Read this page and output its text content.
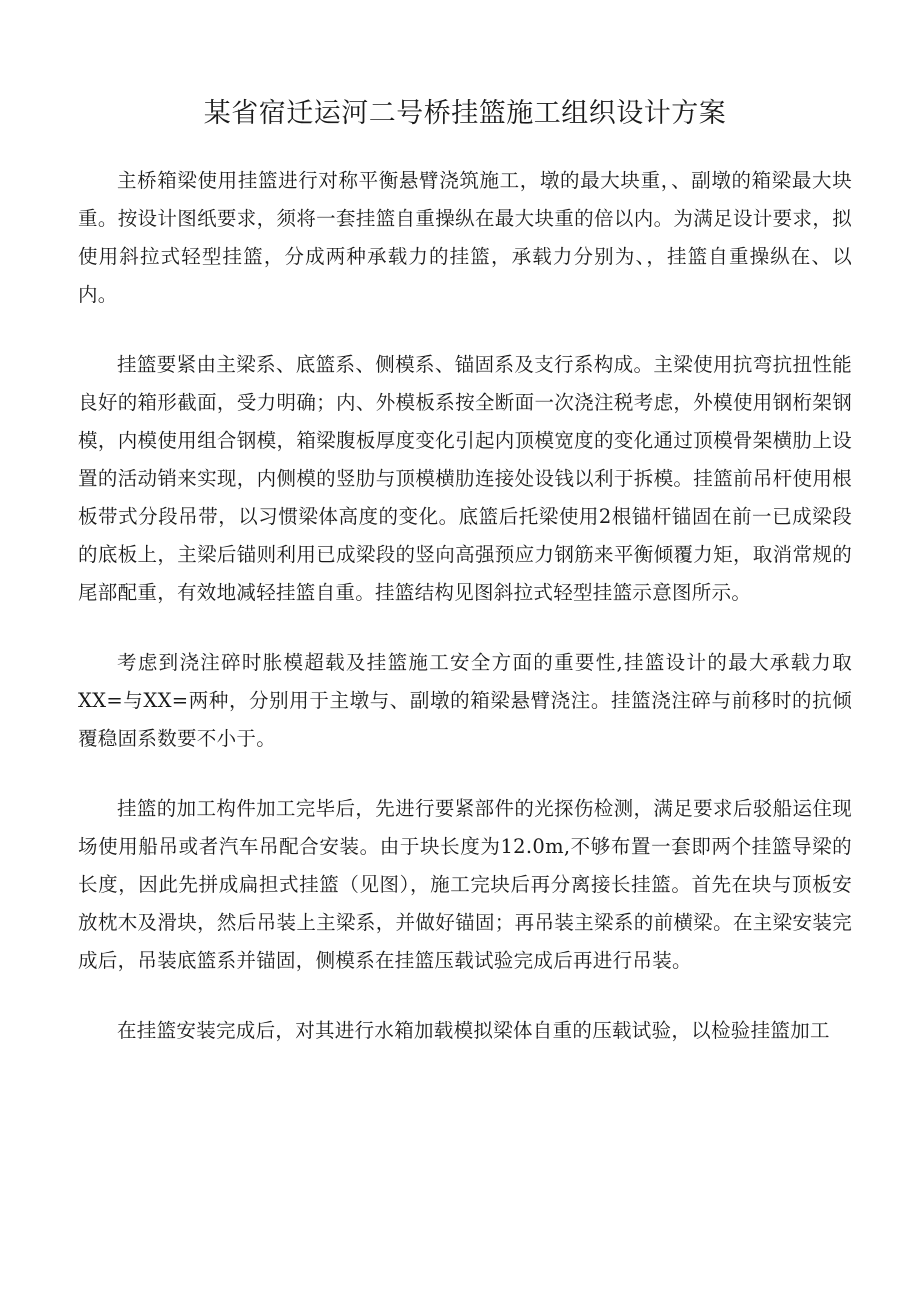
某省宿迁运河二号桥挂篮施工组织设计方案

主桥箱梁使用挂篮进行对称平衡悬臂浇筑施工，墩的最大块重，、副墩的箱梁最大块重。按设计图纸要求，须将一套挂篮自重操纵在最大块重的倍以内。为满足设计要求，拟使用斜拉式轻型挂篮，分成两种承载力的挂篮，承载力分别为、，挂篮自重操纵在、以内。

挂篮要紧由主梁系、底篮系、侧模系、锚固系及支行系构成。主梁使用抗弯抗扭性能良好的箱形截面，受力明确；内、外模板系按全断面一次浇注税考虑，外模使用钢桁架钢模，内模使用组合钢模，箱梁腹板厚度变化引起内顶模宽度的变化通过顶模骨架横肋上设置的活动销来实现，内侧模的竖肋与顶模横肋连接处设钱以利于拆模。挂篮前吊杆使用根板带式分段吊带，以习惯梁体高度的变化。底篮后托梁使用2根锚杆锚固在前一已成梁段的底板上，主梁后锚则利用已成梁段的竖向高强预应力钢筋来平衡倾覆力矩，取消常规的尾部配重，有效地减轻挂篮自重。挂篮结构见图斜拉式轻型挂篮示意图所示。

考虑到浇注碎时胀模超载及挂篮施工安全方面的重要性,挂篮设计的最大承载力取XX=与XX=两种，分别用于主墩与、副墩的箱梁悬臂浇注。挂篮浇注碎与前移时的抗倾覆稳固系数要不小于。

挂篮的加工构件加工完毕后，先进行要紧部件的光探伤检测，满足要求后驳船运住现场使用船吊或者汽车吊配合安装。由于块长度为12.0m,不够布置一套即两个挂篮导梁的长度，因此先拼成扁担式挂篮（见图），施工完块后再分离接长挂篮。首先在块与顶板安放枕木及滑块，然后吊装上主梁系，并做好锚固；再吊装主梁系的前横梁。在主梁安装完成后，吊装底篮系并锚固，侧模系在挂篮压载试验完成后再进行吊装。

在挂篮安装完成后，对其进行水箱加载模拟梁体自重的压载试验，以检验挂篮加工
